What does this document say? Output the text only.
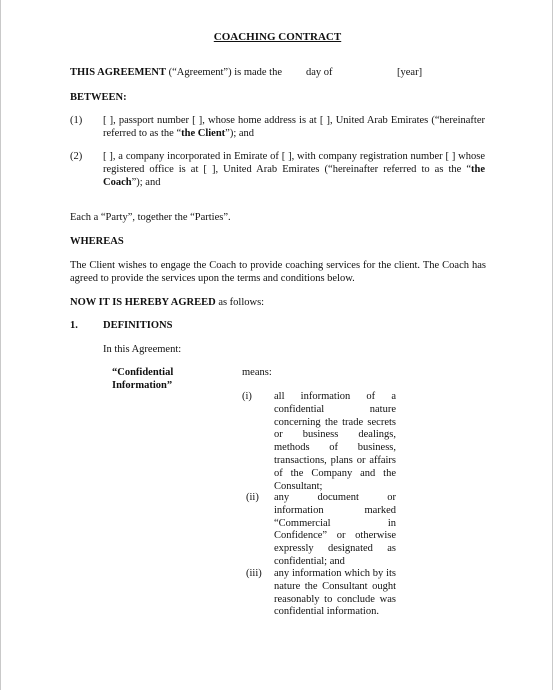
COACHING CONTRACT
THIS AGREEMENT (“Agreement”) is made the day of	[year]
BETWEEN:
(1) [ ], passport number [ ], whose home address is at [ ], United Arab Emirates (“hereinafter referred to as the “the Client”); and
(2) [ ], a company incorporated in Emirate of [ ], with company registration number [ ] whose registered office is at [ ], United Arab Emirates (“hereinafter referred to as the “the Coach”); and
Each a “Party”, together the “Parties”.
WHEREAS
The Client wishes to engage the Coach to provide coaching services for the client. The Coach has agreed to provide the services upon the terms and conditions below.
NOW IT IS HEREBY AGREED as follows:
1. DEFINITIONS
In this Agreement:
“Confidential
Information”
means:
(i) all information of a confidential nature concerning the trade secrets or business dealings, methods of business, transactions, plans or affairs of the Company and the Consultant;
(ii) any document or information marked “Commercial in Confidence” or otherwise expressly designated as confidential; and
(iii) any information which by its nature the Consultant ought reasonably to conclude was confidential information.
